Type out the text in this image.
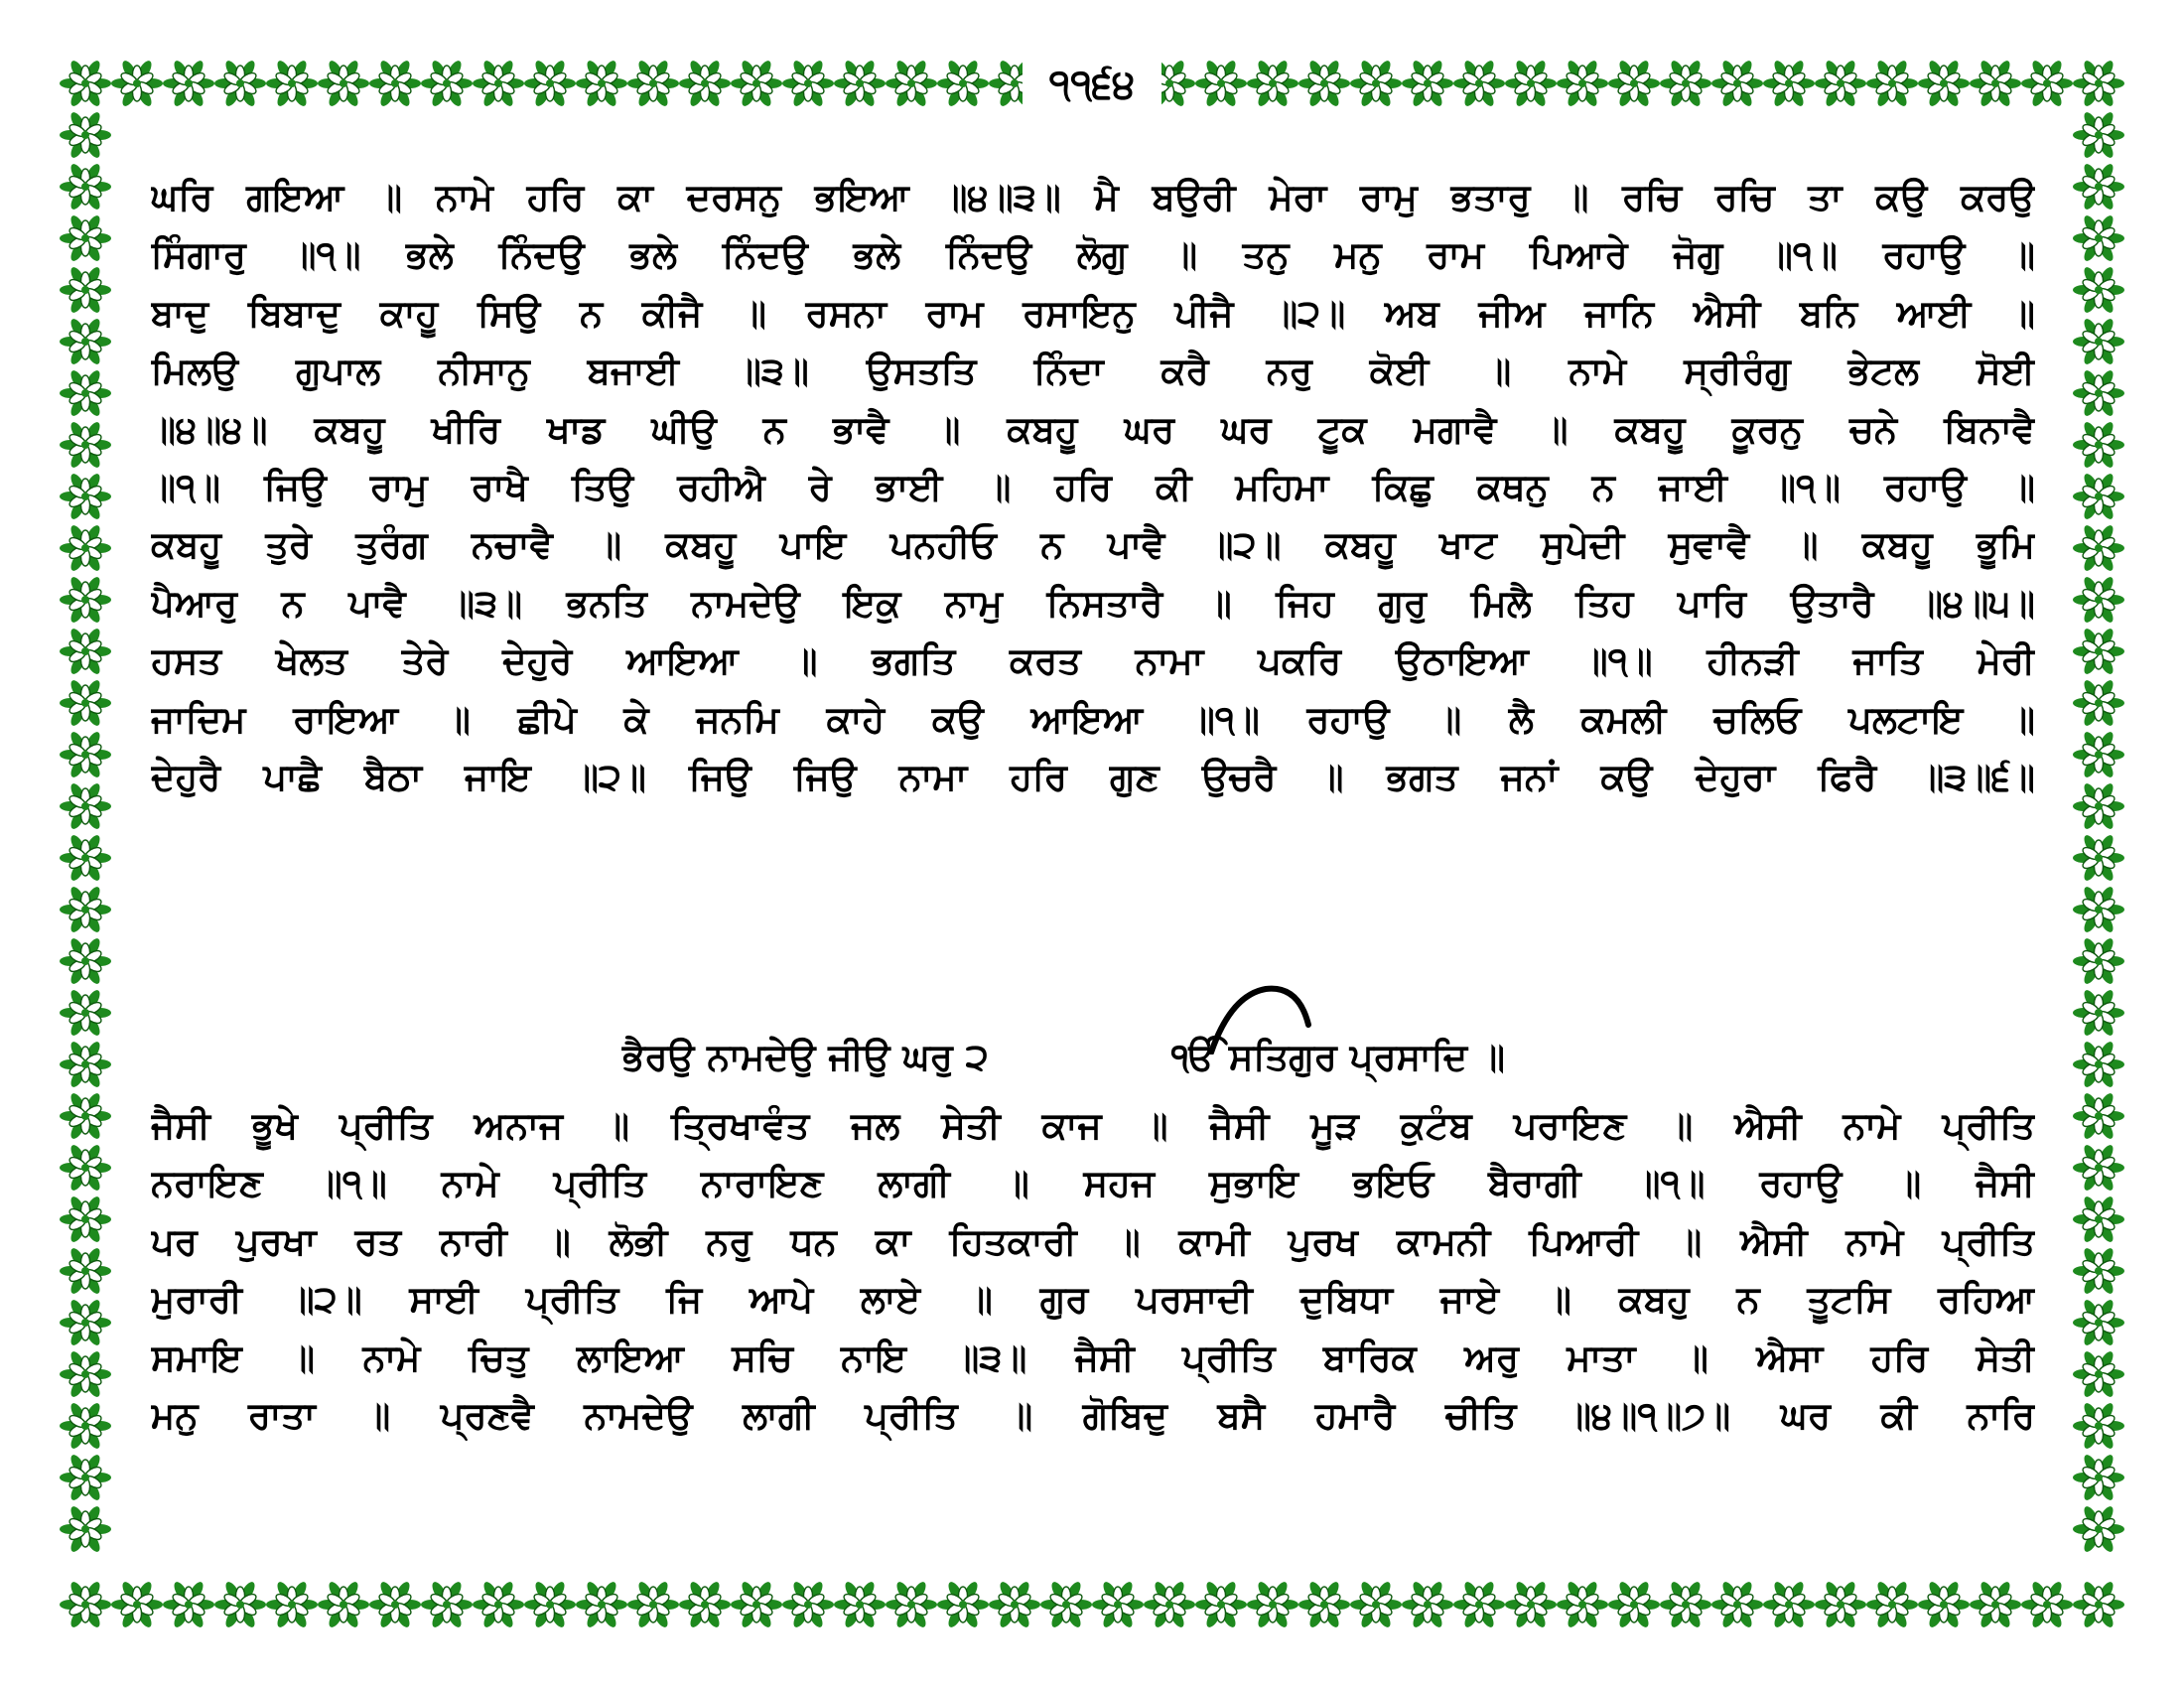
੧੧੬੪
ਘਰਿ ਗਇਆ ॥ ਨਾਮੇ ਹਰਿ ਕਾ ਦਰਸਨੁ ਭਇਆ ॥੪॥੩॥ ਮੈ ਬਉਰੀ ਮੇਰਾ ਰਾਮੁ ਭਤਾਰੁ ॥ ਰਚਿ ਰਚਿ ਤਾ ਕਉ ਕਰਉ
ਸਿੰਗਾਰੁ ॥੧॥ ਭਲੇ ਨਿੰਦਉ ਭਲੇ ਨਿੰਦਉ ਭਲੇ ਨਿੰਦਉ ਲੋਗੁ ॥ ਤਨੁ ਮਨੁ ਰਾਮ ਪਿਆਰੇ ਜੋਗੁ ॥੧॥ ਰਹਾਉ ॥
ਬਾਦੁ ਬਿਬਾਦੁ ਕਾਹੂ ਸਿਉ ਨ ਕੀਜੈ ॥ ਰਸਨਾ ਰਾਮ ਰਸਾਇਨੁ ਪੀਜੈ ॥੨॥ ਅਬ ਜੀਅ ਜਾਨਿ ਐਸੀ ਬਨਿ ਆਈ ॥
ਮਿਲਉ ਗੁਪਾਲ ਨੀਸਾਨੁ ਬਜਾਈ ॥੩॥ ਉਸਤਤਿ ਨਿੰਦਾ ਕਰੈ ਨਰੁ ਕੋਈ ॥ ਨਾਮੇ ਸ੍ਰੀਰੰਗੁ ਭੇਟਲ ਸੋਈ
॥੪॥੪॥ ਕਬਹੂ ਖੀਰਿ ਖਾਡ ਘੀਉ ਨ ਭਾਵੈ ॥ ਕਬਹੂ ਘਰ ਘਰ ਟੂਕ ਮਗਾਵੈ ॥ ਕਬਹੂ ਕੂਰਨੁ ਚਨੇ ਬਿਨਾਵੈ
॥੧॥ ਜਿਉ ਰਾਮੁ ਰਾਖੈ ਤਿਉ ਰਹੀਐ ਰੇ ਭਾਈ ॥ ਹਰਿ ਕੀ ਮਹਿਮਾ ਕਿਛੁ ਕਥਨੁ ਨ ਜਾਈ ॥੧॥ ਰਹਾਉ ॥
ਕਬਹੂ ਤੁਰੇ ਤੁਰੰਗ ਨਚਾਵੈ ॥ ਕਬਹੂ ਪਾਇ ਪਨਹੀਓ ਨ ਪਾਵੈ ॥੨॥ ਕਬਹੂ ਖਾਟ ਸੁਪੇਦੀ ਸੁਵਾਵੈ ॥ ਕਬਹੂ ਭੂਮਿ
ਪੈਆਰੁ ਨ ਪਾਵੈ ॥੩॥ ਭਨਤਿ ਨਾਮਦੇਉ ਇਕੁ ਨਾਮੁ ਨਿਸਤਾਰੈ ॥ ਜਿਹ ਗੁਰੁ ਮਿਲੈ ਤਿਹ ਪਾਰਿ ਉਤਾਰੈ ॥੪॥੫॥
ਹਸਤ ਖੇਲਤ ਤੇਰੇ ਦੇਹੁਰੇ ਆਇਆ ॥ ਭਗਤਿ ਕਰਤ ਨਾਮਾ ਪਕਰਿ ਉਠਾਇਆ ॥੧॥ ਹੀਨੜੀ ਜਾਤਿ ਮੇਰੀ
ਜਾਦਿਮ ਰਾਇਆ ॥ ਛੀਪੇ ਕੇ ਜਨਮਿ ਕਾਹੇ ਕਉ ਆਇਆ ॥੧॥ ਰਹਾਉ ॥ ਲੈ ਕਮਲੀ ਚਲਿਓ ਪਲਟਾਇ ॥
ਦੇਹੁਰੈ ਪਾਛੈ ਬੈਠਾ ਜਾਇ ॥੨॥ ਜਿਉ ਜਿਉ ਨਾਮਾ ਹਰਿ ਗੁਣ ਉਚਰੈ ॥ ਭਗਤ ਜਨਾਂ ਕਉ ਦੇਹੁਰਾ ਫਿਰੈ ॥੩॥੬॥
ਭੈਰਉ ਨਾਮਦੇਉ ਜੀਉ ਘਰੁ ੨	ੴ ਸਤਿਗੁਰ ਪ੍ਰਸਾਦਿ ॥
ਜੈਸੀ ਭੂਖੇ ਪ੍ਰੀਤਿ ਅਨਾਜ ॥ ਤ੍ਰਿਖਾਵੰਤ ਜਲ ਸੇਤੀ ਕਾਜ ॥ ਜੈਸੀ ਮੂੜ ਕੁਟੰਬ ਪਰਾਇਣ ॥ ਐਸੀ ਨਾਮੇ ਪ੍ਰੀਤਿ
ਨਰਾਇਣ ॥੧॥ ਨਾਮੇ ਪ੍ਰੀਤਿ ਨਾਰਾਇਣ ਲਾਗੀ ॥ ਸਹਜ ਸੁਭਾਇ ਭਇਓ ਬੈਰਾਗੀ ॥੧॥ ਰਹਾਉ ॥ ਜੈਸੀ
ਪਰ ਪੁਰਖਾ ਰਤ ਨਾਰੀ ॥ ਲੋਭੀ ਨਰੁ ਧਨ ਕਾ ਹਿਤਕਾਰੀ ॥ ਕਾਮੀ ਪੁਰਖ ਕਾਮਨੀ ਪਿਆਰੀ ॥ ਐਸੀ ਨਾਮੇ ਪ੍ਰੀਤਿ
ਮੁਰਾਰੀ ॥੨॥ ਸਾਈ ਪ੍ਰੀਤਿ ਜਿ ਆਪੇ ਲਾਏ ॥ ਗੁਰ ਪਰਸਾਦੀ ਦੁਬਿਧਾ ਜਾਏ ॥ ਕਬਹੁ ਨ ਤੂਟਸਿ ਰਹਿਆ
ਸਮਾਇ ॥ ਨਾਮੇ ਚਿਤੁ ਲਾਇਆ ਸਚਿ ਨਾਇ ॥੩॥ ਜੈਸੀ ਪ੍ਰੀਤਿ ਬਾਰਿਕ ਅਰੁ ਮਾਤਾ ॥ ਐਸਾ ਹਰਿ ਸੇਤੀ
ਮਨੁ ਰਾਤਾ ॥ ਪ੍ਰਣਵੈ ਨਾਮਦੇਉ ਲਾਗੀ ਪ੍ਰੀਤਿ ॥ ਗੋਬਿਦੁ ਬਸੈ ਹਮਾਰੈ ਚੀਤਿ ॥੪॥੧॥੭॥ ਘਰ ਕੀ ਨਾਰਿ
